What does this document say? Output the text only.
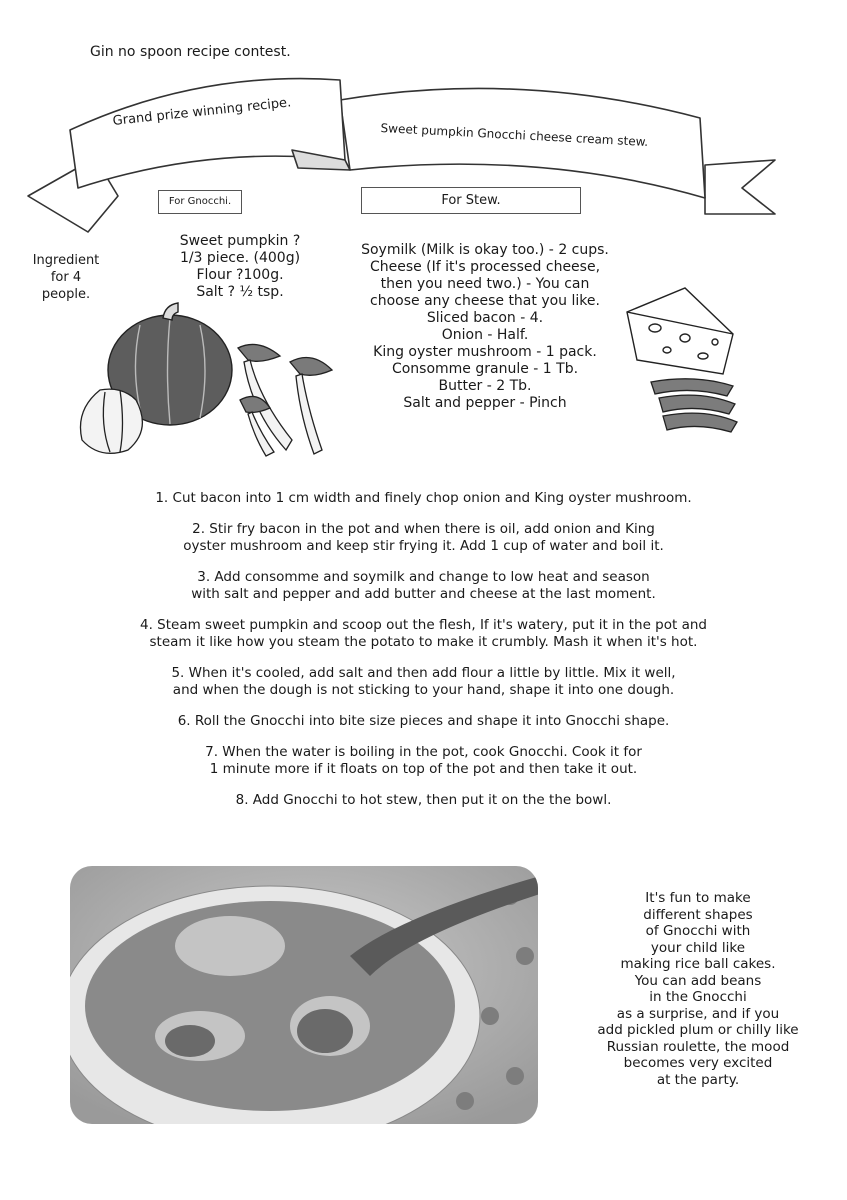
Gin no spoon recipe contest.
Grand prize winning recipe.
Sweet pumpkin Gnocchi cheese cream stew.
For Gnocchi.	For Stew.
Ingredient
for 4
people.
Sweet pumpkin ?
1/3 piece. (400g)
Flour ?100g.
Salt ? ½ tsp.
Soymilk (Milk is okay too.) - 2 cups.
Cheese (If it's processed cheese,
then you need two.) - You can
choose any cheese that you like.
Sliced bacon - 4.
Onion - Half.
King oyster mushroom - 1 pack.
Consomme granule - 1 Tb.
Butter - 2 Tb.
Salt and pepper - Pinch
1. Cut bacon into 1 cm width and finely chop onion and King oyster mushroom.
2. Stir fry bacon in the pot and when there is oil, add onion and King
oyster mushroom and keep stir frying it. Add 1 cup of water and boil it.
3. Add consomme and soymilk and change to low heat and season
with salt and pepper and add butter and cheese at the last moment.
4. Steam sweet pumpkin and scoop out the flesh, If it's watery, put it in the pot and
steam it like how you steam the potato to make it crumbly. Mash it when it's hot.
5. When it's cooled, add salt and then add flour a little by little. Mix it well,
and when the dough is not sticking to your hand, shape it into one dough.
6. Roll the Gnocchi into bite size pieces and shape it into Gnocchi shape.
7. When the water is boiling in the pot, cook Gnocchi. Cook it for
1 minute more if it floats on top of the pot and then take it out.
8. Add Gnocchi to hot stew, then put it on the the bowl.
It's fun to make
different shapes
of Gnocchi with
your child like
making rice ball cakes.
You can add beans
in the Gnocchi
as a surprise, and if you
add pickled plum or chilly like
Russian roulette, the mood
becomes very excited
at the party.
